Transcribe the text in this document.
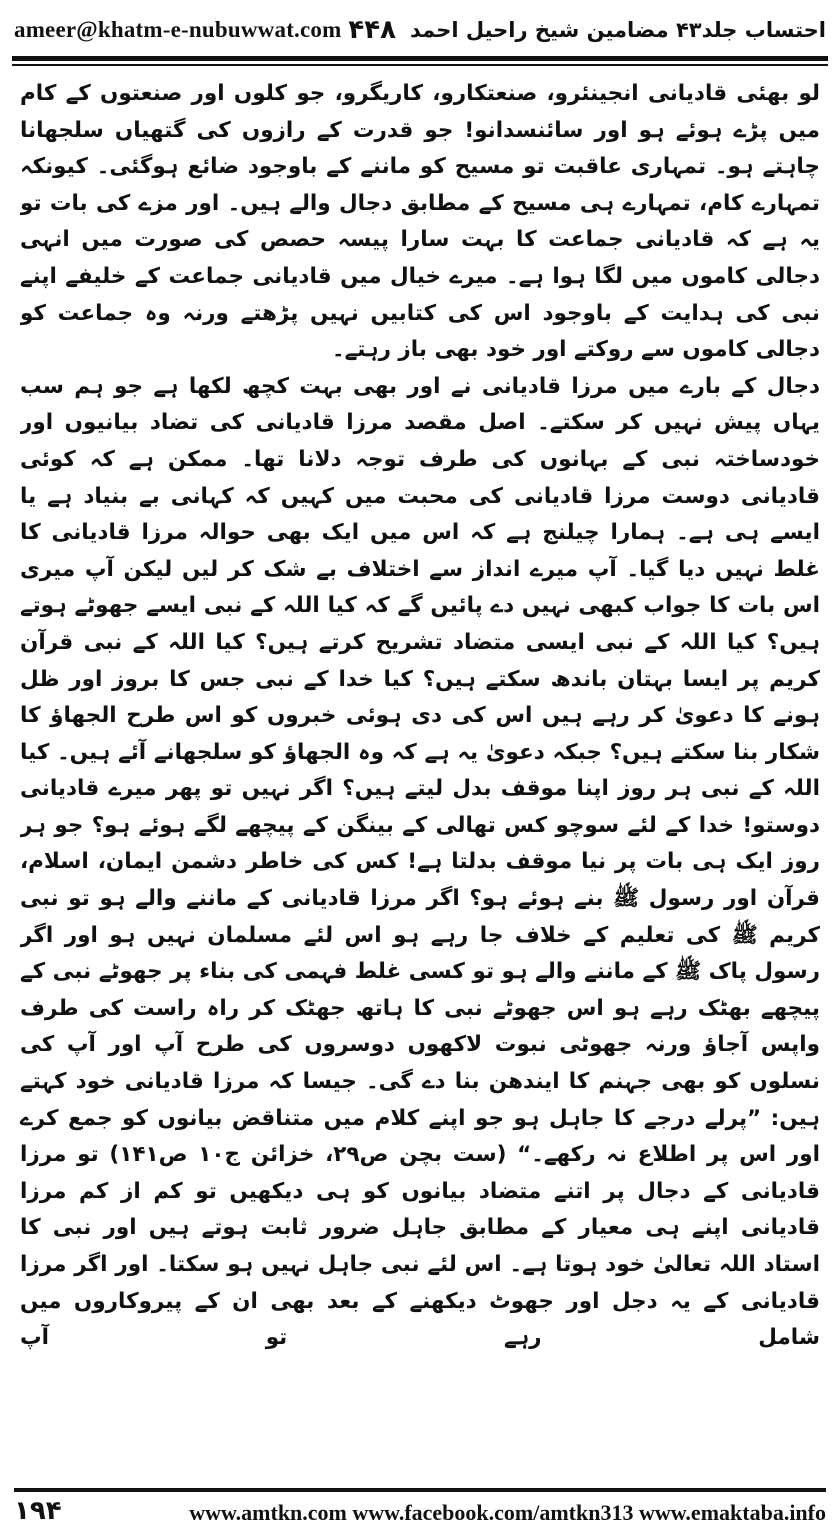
ameer@khatm-e-nubuwwat.com	احتساب جلد۴۳ مضامین شیخ راحیل احمد
۴۴۸

لو بھئی قادیانی انجینئرو، صنعتکارو، کاریگرو، جو کلوں اور صنعتوں کے کام میں پڑے ہوئے ہو اور سائنسدانو! جو قدرت کے رازوں کی گتھیاں سلجھانا چاہتے ہو۔ تمہاری عاقبت تو مسیح کو ماننے کے باوجود ضائع ہوگئی۔ کیونکہ تمہارے کام، تمہارے ہی مسیح کے مطابق دجال والے ہیں۔ اور مزے کی بات تو یہ ہے کہ قادیانی جماعت کا بہت سارا پیسہ حصص کی صورت میں انہی دجالی کاموں میں لگا ہوا ہے۔ میرے خیال میں قادیانی جماعت کے خلیفے اپنے نبی کی ہدایت کے باوجود اس کی کتابیں نہیں پڑھتے ورنہ وہ جماعت کو دجالی کاموں سے روکتے اور خود بھی باز رہتے۔

دجال کے بارے میں مرزا قادیانی نے اور بھی بہت کچھ لکھا ہے جو ہم سب یہاں پیش نہیں کر سکتے۔ اصل مقصد مرزا قادیانی کی تضاد بیانیوں اور خودساختہ نبی کے بہانوں کی طرف توجہ دلانا تھا۔ ممکن ہے کہ کوئی قادیانی دوست مرزا قادیانی کی محبت میں کہیں کہ کہانی بے بنیاد ہے یا ایسے ہی ہے۔ ہمارا چیلنج ہے کہ اس میں ایک بھی حوالہ مرزا قادیانی کا غلط نہیں دیا گیا۔ آپ میرے انداز سے اختلاف بے شک کر لیں لیکن آپ میری اس بات کا جواب کبھی نہیں دے پائیں گے کہ کیا اللہ کے نبی ایسے جھوٹے ہوتے ہیں؟ کیا اللہ کے نبی ایسی متضاد تشریح کرتے ہیں؟ کیا اللہ کے نبی قرآن کریم پر ایسا بہتان باندھ سکتے ہیں؟ کیا خدا کے نبی جس کا بروز اور ظل ہونے کا دعویٰ کر رہے ہیں اس کی دی ہوئی خبروں کو اس طرح الجھاؤ کا شکار بنا سکتے ہیں؟ جبکہ دعویٰ یہ ہے کہ وہ الجھاؤ کو سلجھانے آئے ہیں۔ کیا اللہ کے نبی ہر روز اپنا موقف بدل لیتے ہیں؟ اگر نہیں تو پھر میرے قادیانی دوستو! خدا کے لئے سوچو کس تھالی کے بینگن کے پیچھے لگے ہوئے ہو؟ جو ہر روز ایک ہی بات پر نیا موقف بدلتا ہے! کس کی خاطر دشمن ایمان، اسلام، قرآن اور رسول ﷺ بنے ہوئے ہو؟ اگر مرزا قادیانی کے ماننے والے ہو تو نبی کریم ﷺ کی تعلیم کے خلاف جا رہے ہو اس لئے مسلمان نہیں ہو اور اگر رسول پاک ﷺ کے ماننے والے ہو تو کسی غلط فہمی کی بناء پر جھوٹے نبی کے پیچھے بھٹک رہے ہو اس جھوٹے نبی کا ہاتھ جھٹک کر راہ راست کی طرف واپس آجاؤ ورنہ جھوٹی نبوت لاکھوں دوسروں کی طرح آپ اور آپ کی نسلوں کو بھی جہنم کا ایندھن بنا دے گی۔ جیسا کہ مرزا قادیانی خود کہتے ہیں: ”پرلے درجے کا جاہل ہو جو اپنے کلام میں متناقض بیانوں کو جمع کرے اور اس پر اطلاع نہ رکھے۔“ (ست بچن ص۲۹، خزائن ج۱۰ ص۱۴۱) تو مرزا قادیانی کے دجال پر اتنے متضاد بیانوں کو ہی دیکھیں تو کم از کم مرزا قادیانی اپنے ہی معیار کے مطابق جاہل ضرور ثابت ہوتے ہیں اور نبی کا استاد اللہ تعالیٰ خود ہوتا ہے۔ اس لئے نبی جاہل نہیں ہو سکتا۔ اور اگر مرزا قادیانی کے یہ دجل اور جھوٹ دیکھنے کے بعد بھی ان کے پیروکاروں میں شامل رہے تو آپ

۱۹۴	www.amtkn.com www.facebook.com/amtkn313 www.emaktaba.info
